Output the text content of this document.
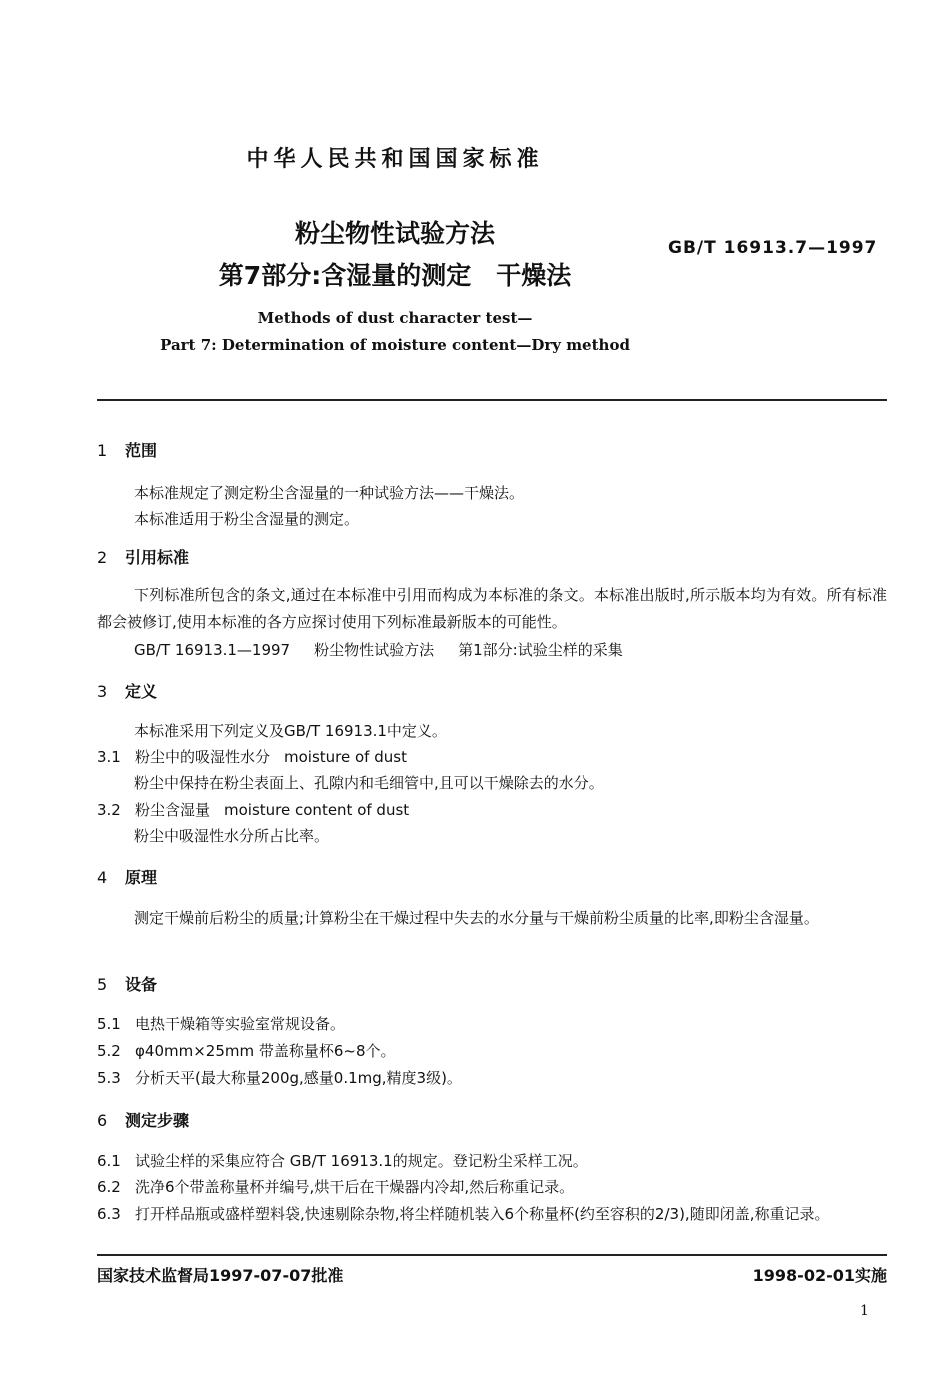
中华人民共和国国家标准
粉尘物性试验方法
第7部分:含湿量的测定　干燥法
GB/T 16913.7—1997
Methods of dust character test—
Part 7: Determination of moisture content—Dry method
1 范围
本标准规定了测定粉尘含湿量的一种试验方法——干燥法。
本标准适用于粉尘含湿量的测定。
2 引用标准
下列标准所包含的条文,通过在本标准中引用而构成为本标准的条文。本标准出版时,所示版本均为有效。所有标准都会被修订,使用本标准的各方应探讨使用下列标准最新版本的可能性。
GB/T 16913.1—1997 粉尘物性试验方法 第1部分:试验尘样的采集
3 定义
本标准采用下列定义及GB/T 16913.1中定义。
3.1 粉尘中的吸湿性水分 moisture of dust
粉尘中保持在粉尘表面上、孔隙内和毛细管中,且可以干燥除去的水分。
3.2 粉尘含湿量 moisture content of dust
粉尘中吸湿性水分所占比率。
4 原理
测定干燥前后粉尘的质量;计算粉尘在干燥过程中失去的水分量与干燥前粉尘质量的比率,即粉尘含湿量。
5 设备
5.1 电热干燥箱等实验室常规设备。
5.2 φ40mm×25mm 带盖称量杯6~8个。
5.3 分析天平(最大称量200g,感量0.1mg,精度3级)。
6 测定步骤
6.1 试验尘样的采集应符合 GB/T 16913.1的规定。登记粉尘采样工况。
6.2 洗净6个带盖称量杯并编号,烘干后在干燥器内冷却,然后称重记录。
6.3 打开样品瓶或盛样塑料袋,快速剔除杂物,将尘样随机装入6个称量杯(约至容积的2/3),随即闭盖,称重记录。
国家技术监督局1997-07-07批准	1998-02-01实施
1
